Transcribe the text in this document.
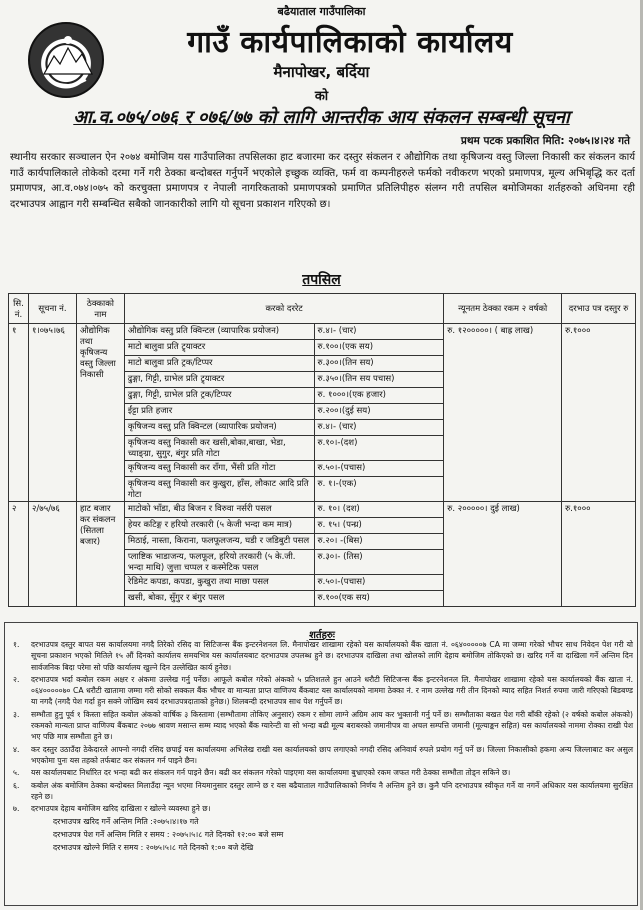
बढैयाताल गाउँपालिका
गाउँ कार्यपालिकाको कार्यालय
मैनापोखर, बर्दिया
को
आ.व.०७५/०७६ र ०७६/७७ को लागि आन्तरीक आय संकलन सम्बन्धी सूचना
प्रथम पटक प्रकाशित मिति: २०७५।४।२४ गते

स्थानीय सरकार सञ्चालन ऐन २०७४ बमोजिम यस गाउँपालिका तपसिलका हाट बजारमा कर दस्तुर संकलन र औद्योगिक तथा कृषिजन्य वस्तु जिल्ला निकासी कर संकलन कार्य गाउँ कार्यपालिकाले तोकेको दरमा गर्ने गरी ठेक्का बन्दोबस्त गर्नुपर्ने भएकोले इच्छुक व्यक्ति, फर्म वा कम्पनीहरुले फर्मको नवीकरण भएको प्रमाणपत्र, मूल्य अभिबृद्धि कर दर्ता प्रमाणपत्र, आ.व.०७४।०७५ को करचुक्ता प्रमाणपत्र र नेपाली नागरिकताको प्रमाणपत्रको प्रमाणित प्रतिलिपीहरु संलग्न गरी तपसिल बमोजिमका शर्तहरुको अधिनमा रही दरभाउपत्र आह्वान गरी सम्बन्धित सबैको जानकारीको लागि यो सूचना प्रकाशन गरिएको छ।

तपसिल
सि. नं.	सूचना नं.	ठेक्काको नाम	करको दररेट		न्यूनतम ठेक्का रकम २ वर्षको	दरभाउ पत्र दस्तुर रु
१	१।०७५।७६	औद्योगिक तथा कृषिजन्य वस्तु जिल्ला निकासी	औद्योगिक वस्तु प्रति क्विन्टल (व्यापारिक प्रयोजन)	रु.४।- (चार)	रु. १२०००००। ( बाह्र लाख)	रु.१०००
			माटो बालुवा प्रति ट्र्याक्टर	रु.१००।(एक सय)		
			माटो बालुवा प्रति ट्रक/टिप्पर	रु.३००।(तिन सय)		
			ढुङ्गा, गिट्टी, ग्राभेल प्रति ट्र्याक्टर	रु.३५०।(तिन सय पचास)		
			ढुङ्गा, गिट्टी, ग्राभेल प्रति ट्रक/टिप्पर	रु. १०००।(एक हजार)		
			ईंट्टा प्रति हजार	रु.२००।(दुई सय)		
			कृषिजन्य वस्तु प्रति क्विन्टल (व्यापारिक प्रयोजन)	रु.४।- (चार)		
			कृषिजन्य वस्तु निकासी कर खसी,बोका,बाखा, भेडा, च्याङ्ग्रा, सुगुर, बंगुर प्रति गोटा	रु.१०।-(दश)		
			कृषिजन्य वस्तु निकासी कर राँगा, भैंसी प्रति गोटा	रु.५०।-(पचास)		
			कृषिजन्य वस्तु निकासी कर कुखुरा, हाँस, लौकाट आदि प्रति गोटा	रु. १।-(एक)		
२	२/७५/७६	हाट बजार कर संकलन (सितला बजार)	माटोको भाँडा, बीउ बिजन र विरुवा नर्सरी पसल	रु. १०। (दश)	रु. २०००००। दुई लाख)	रु.१०००
			हेयर कटिङ्ग र हरियो तरकारी (५ केजी भन्दा कम मात्र)	रु. १५। (पन्ध्र)		
			मिठाई, नास्ता, किराना, फलफूलजन्य, घडी र जडिबुटी पसल	रु.२०। -(बिस)		
			प्लाष्टिक भाडाजन्य, फलफूल, हरियो तरकारी (५ के.जी. भन्दा माथि) जुत्ता चप्पल र कस्मेटिक पसल	रु.३०।- (तिस)		
			रेडिमेट कपडा, कपडा, कुखुरा तथा माछा पसल	रु.५०।-(पचास)		
			खसी, बोका, सुँगुर र बंगुर पसल	रु.१००(एक सय)		
शर्तहरुः
१.	दरभाउपत्र दस्तुर बापत यस कार्यालयमा नगदै तिरेको रसिद वा सिटिजन्स बैंक इन्टरनेशनल लि. मैनापोखर शाखामा रहेको यस कार्यालयको बैंक खाता नं. ०६४०००००७ CA मा जम्मा गरेको भौचर साथ निवेदन पेश गरी यो सूचना प्रकाशन भएको मितिले १५ औं दिनको कार्यालय समयभित्र यस कार्यालयबाट दरभाउपत्र उपलब्ध हुने छ। दरभाउपत्र दाखिला तथा खोलको लागि देहाय बमोजिम तोकिएको छ। खरिद गर्ने वा दाखिला गर्ने अन्तिम दिन सार्वजनिक बिदा परेमा सो पछि कार्यालय खुल्ने दिन उल्लेखित कार्य हुनेछ।
२.	दरभाउपत्र भर्दा कबोल रकम अक्षर र अंकमा उल्लेख गर्नु पर्नेछ। आफूले कबोल गरेको अंकको ५ प्रतिशतले हुन आउने धरौटी सिटिजन्स बैंक इन्टरनेशनल लि. मैनापोखर शाखामा रहेको यस कार्यालयको बैंक खाता नं. ०६४०००००७० CA धरौटी खातामा जम्मा गरी सोको सक्कल बैंक भौचर वा मान्यता प्राप्त वाणिज्य बैंकबाट यस कार्यालयको नाममा ठेक्का नं. र नाम उल्लेख गरी तीन दिनको म्याद सहित निशर्त रुपमा जारी गरिएको बिडबण्ड या नगदै (नगदै पेश गर्दा हुन सक्ने जोखिम स्वयं दरभाउपत्रदाताको हुनेछ।) शिलबन्दी दरभाउपत्र साथ पेश गर्नुपर्ने छ।
३.	सम्भौता हुनु पूर्व १ किस्ता सहित कबोल अंकको वार्षिक ३ किस्तामा (सम्भौतामा तोकिए अनुसार) रकम र सोमा लाग्ने अग्रिम आय कर भुक्तानी गर्नु पर्ने छ। सम्भौताका बखत पेश गरी बाँकी रहेको (२ वर्षको कबोल अंकको) रकमको मान्यता प्राप्त वाणिज्य बैंकबाट २०७७ श्रावण मसान्त सम्म म्याद भएको बैंक ग्यारेन्टी वा सो भन्दा बढी मूल्य बराबरको जमानीपत्र वा अचल सम्पत्ति जमानी (मूल्याङ्कन सहित) यस कार्यालयको नाममा रोक्का राखी पेश भए पछि मात्र सम्भौता हुने छ।
४.	कर दस्तुर उठाउँदा ठेकेदारले आफ्नो नगदी रसिद छपाई यस कार्यालयमा अभिलेख राखी यस कार्यालयको छाप लगाएको नगदी रसिद अनिवार्य रुपले प्रयोग गर्नु पर्ने छ। जिल्ला निकासीको हकमा अन्य जिल्लाबाट कर असुल भएकोमा पुनः यस तहको तर्फबाट कर संकलन गर्न पाइने छैन।
५.	यस कार्यालयबाट निर्धारित दर भन्दा बढी कर संकलन गर्न पाइने छैन। बढी कर संकलन गरेको पाइएमा यस कार्यालयमा बुभ्राएको रकम जफत गरी ठेक्का सम्भौता तोड्न सकिने छ।
६.	कबोल अंक बमोजिम ठेक्का बन्दोबस्त मिलाउँदा न्यून भएमा नियमानुसार दस्तुर लाग्ने छ र यस बढैयाताल गाउँपालिकाको निर्णय नै अन्तिम हुने छ। कुनै पनि दरभाउपत्र स्वीकृत गर्ने वा नगर्ने अधिकार यस कार्यालयमा सुरक्षित रहने छ।
७.	दरभाउपत्र देहाय बमोजिम खरिद दाखिला र खोल्ने व्यवस्था हुने छ।
दरभाउपत्र खरिद गर्ने अन्तिम मिति :२०७५।४।१७ गते
दरभाउपत्र पेश गर्ने अन्तिम मिति र समय : २०७५।५।८ गते दिनको १२:०० बजे सम्म
दरभाउपत्र खोल्ने मिति र समय : २०७५।५।८ गते दिनको १:०० बजे देखि
